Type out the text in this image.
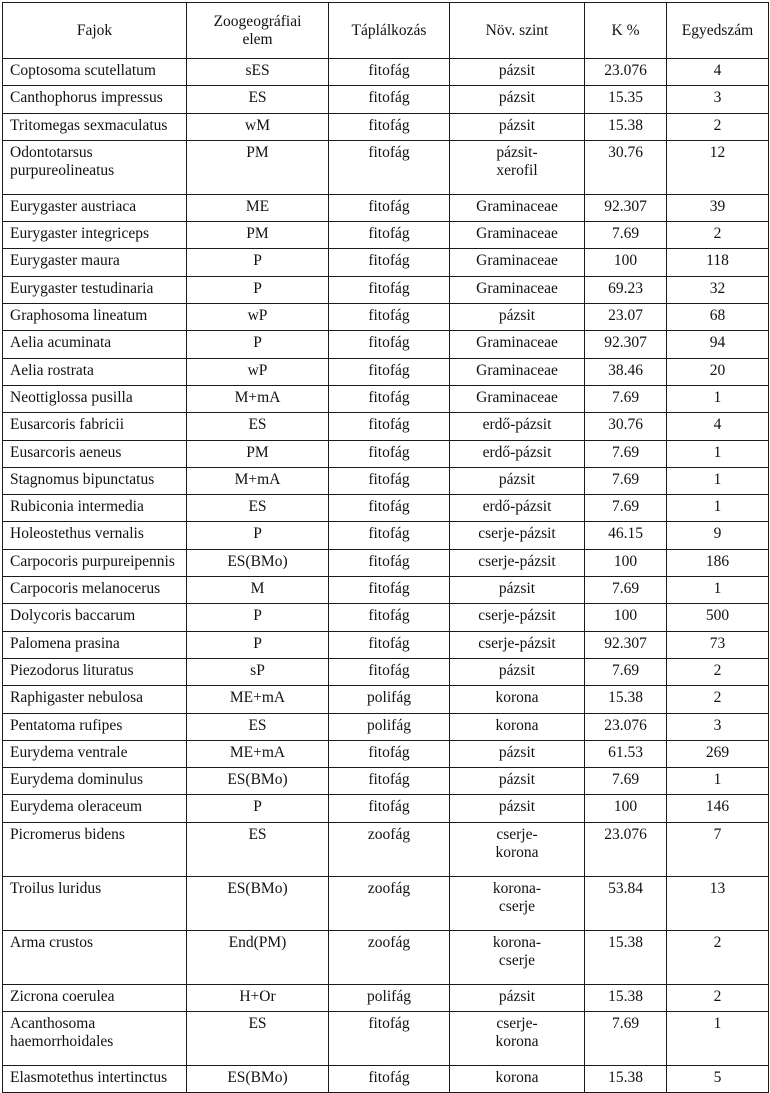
Fajok	Zoogeográfiai elem	Táplálkozás	Növ. szint	K %	Egyedszám
Coptosoma scutellatum	sES	fitofág	pázsit	23.076	4
Canthophorus impressus	ES	fitofág	pázsit	15.35	3
Tritomegas sexmaculatus	wM	fitofág	pázsit	15.38	2
Odontotarsus purpureolineatus	PM	fitofág	pázsit-xerofil	30.76	12
Eurygaster austriaca	ME	fitofág	Graminaceae	92.307	39
Eurygaster integriceps	PM	fitofág	Graminaceae	7.69	2
Eurygaster maura	P	fitofág	Graminaceae	100	118
Eurygaster testudinaria	P	fitofág	Graminaceae	69.23	32
Graphosoma lineatum	wP	fitofág	pázsit	23.07	68
Aelia acuminata	P	fitofág	Graminaceae	92.307	94
Aelia rostrata	wP	fitofág	Graminaceae	38.46	20
Neottiglossa pusilla	M+mA	fitofág	Graminaceae	7.69	1
Eusarcoris fabricii	ES	fitofág	erdő-pázsit	30.76	4
Eusarcoris aeneus	PM	fitofág	erdő-pázsit	7.69	1
Stagnomus bipunctatus	M+mA	fitofág	pázsit	7.69	1
Rubiconia intermedia	ES	fitofág	erdő-pázsit	7.69	1
Holeostethus vernalis	P	fitofág	cserje-pázsit	46.15	9
Carpocoris purpureipennis	ES(BMo)	fitofág	cserje-pázsit	100	186
Carpocoris melanocerus	M	fitofág	pázsit	7.69	1
Dolycoris baccarum	P	fitofág	cserje-pázsit	100	500
Palomena prasina	P	fitofág	cserje-pázsit	92.307	73
Piezodorus lituratus	sP	fitofág	pázsit	7.69	2
Raphigaster nebulosa	ME+mA	polifág	korona	15.38	2
Pentatoma rufipes	ES	polifág	korona	23.076	3
Eurydema ventrale	ME+mA	fitofág	pázsit	61.53	269
Eurydema dominulus	ES(BMo)	fitofág	pázsit	7.69	1
Eurydema oleraceum	P	fitofág	pázsit	100	146
Picromerus bidens	ES	zoofág	cserje-korona	23.076	7
Troilus luridus	ES(BMo)	zoofág	korona-cserje	53.84	13
Arma crustos	End(PM)	zoofág	korona-cserje	15.38	2
Zicrona coerulea	H+Or	polifág	pázsit	15.38	2
Acanthosoma haemorrhoidales	ES	fitofág	cserje-korona	7.69	1
Elasmotethus intertinctus	ES(BMo)	fitofág	korona	15.38	5
